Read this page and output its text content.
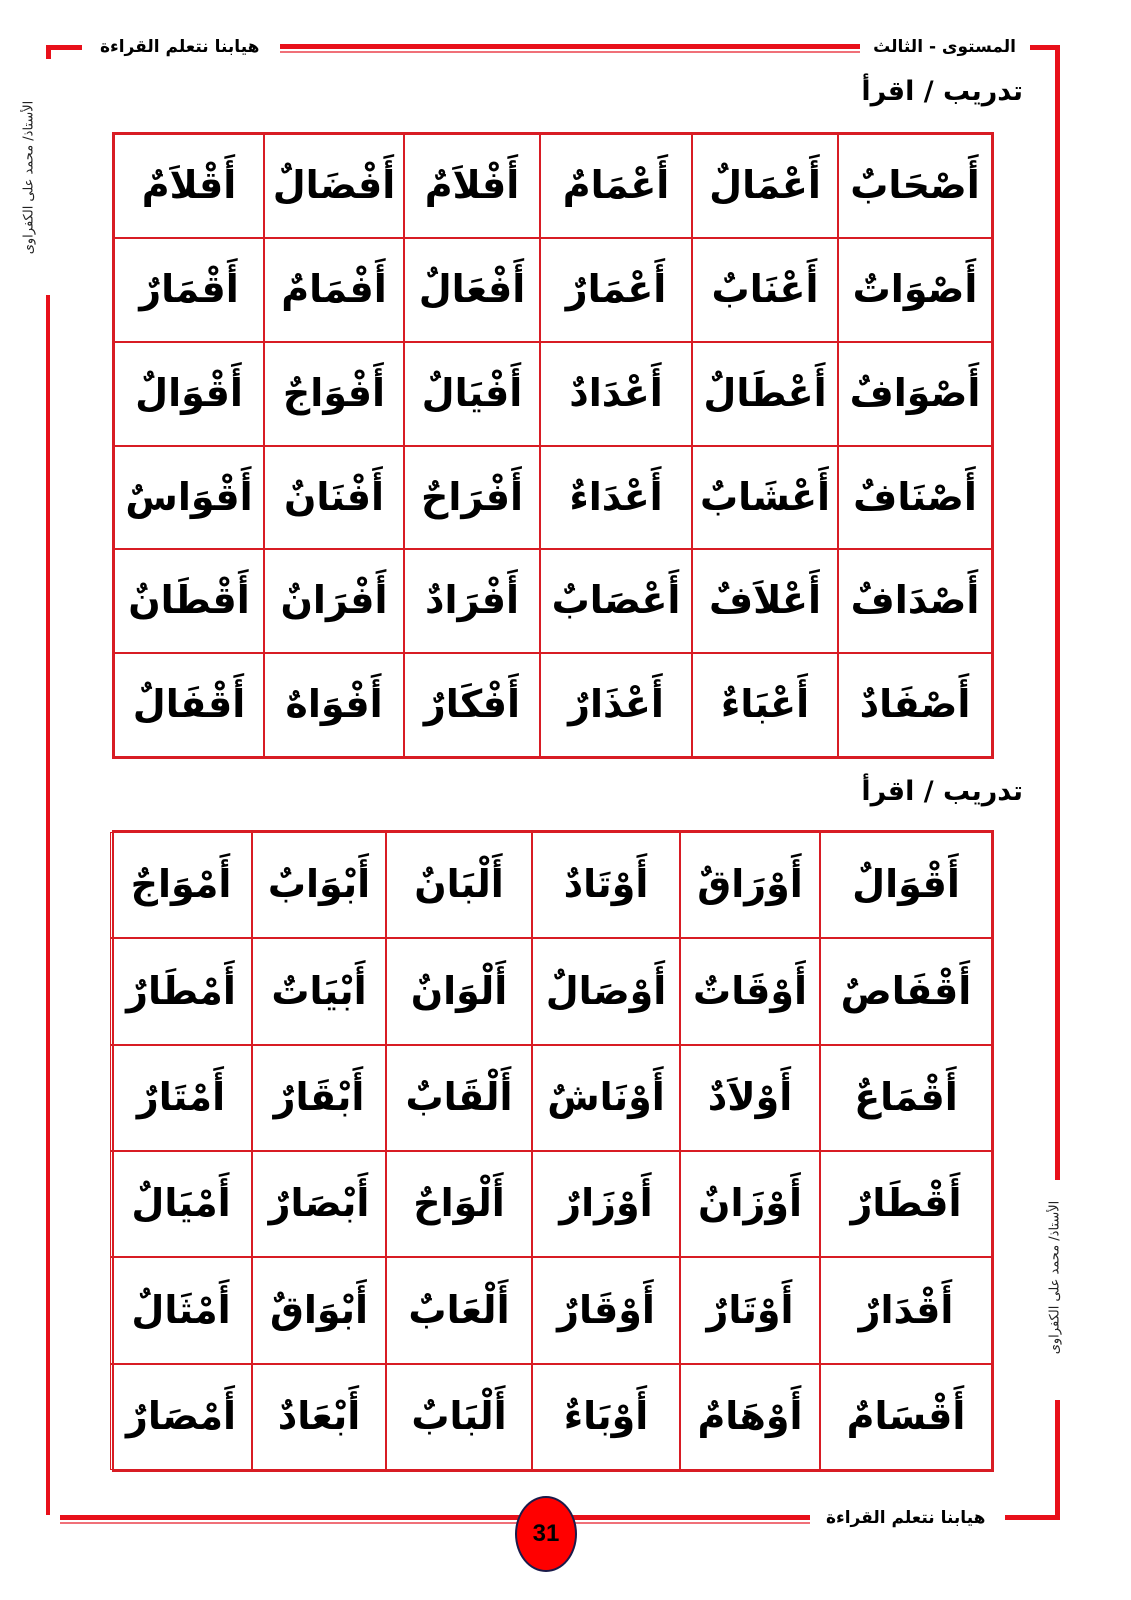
المستوى - الثالث
هيابنا نتعلم القراءة
الأستاذ/ محمد على الكفراوى
الأستاذ/ محمد على الكفراوى
تدريب / اقرأ
أَصْحَابٌ
أَعْمَالٌ
أَعْمَامٌ
أَفْلاَمٌ
أَفْضَالٌ
أَقْلاَمٌ
أَصْوَاتٌ
أَعْنَابٌ
أَعْمَارٌ
أَفْعَالٌ
أَفْمَامٌ
أَقْمَارٌ
أَصْوَافٌ
أَعْطَالٌ
أَعْدَادٌ
أَفْيَالٌ
أَفْوَاجٌ
أَقْوَالٌ
أَصْنَافٌ
أَعْشَابٌ
أَعْدَاءٌ
أَفْرَاحٌ
أَفْنَانٌ
أَقْوَاسٌ
أَصْدَافٌ
أَعْلاَفٌ
أَعْصَابٌ
أَفْرَادٌ
أَفْرَانٌ
أَقْطَانٌ
أَصْفَادٌ
أَعْبَاءٌ
أَعْذَارٌ
أَفْكَارٌ
أَفْوَاهٌ
أَقْفَالٌ
تدريب / اقرأ
أَقْوَالٌ
أَوْرَاقٌ
أَوْتَادٌ
أَلْبَانٌ
أَبْوَابٌ
أَمْوَاجٌ
أَقْفَاصٌ
أَوْقَاتٌ
أَوْصَالٌ
أَلْوَانٌ
أَبْيَاتٌ
أَمْطَارٌ
أَقْمَاعٌ
أَوْلاَدٌ
أَوْنَاشٌ
أَلْقَابٌ
أَبْقَارٌ
أَمْتَارٌ
أَقْطَارٌ
أَوْزَانٌ
أَوْزَارٌ
أَلْوَاحٌ
أَبْصَارٌ
أَمْيَالٌ
أَقْدَارٌ
أَوْتَارٌ
أَوْقَارٌ
أَلْعَابٌ
أَبْوَاقٌ
أَمْثَالٌ
أَقْسَامٌ
أَوْهَامٌ
أَوْبَاءٌ
أَلْبَابٌ
أَبْعَادٌ
أَمْصَارٌ
هيابنا نتعلم القراءة
31
